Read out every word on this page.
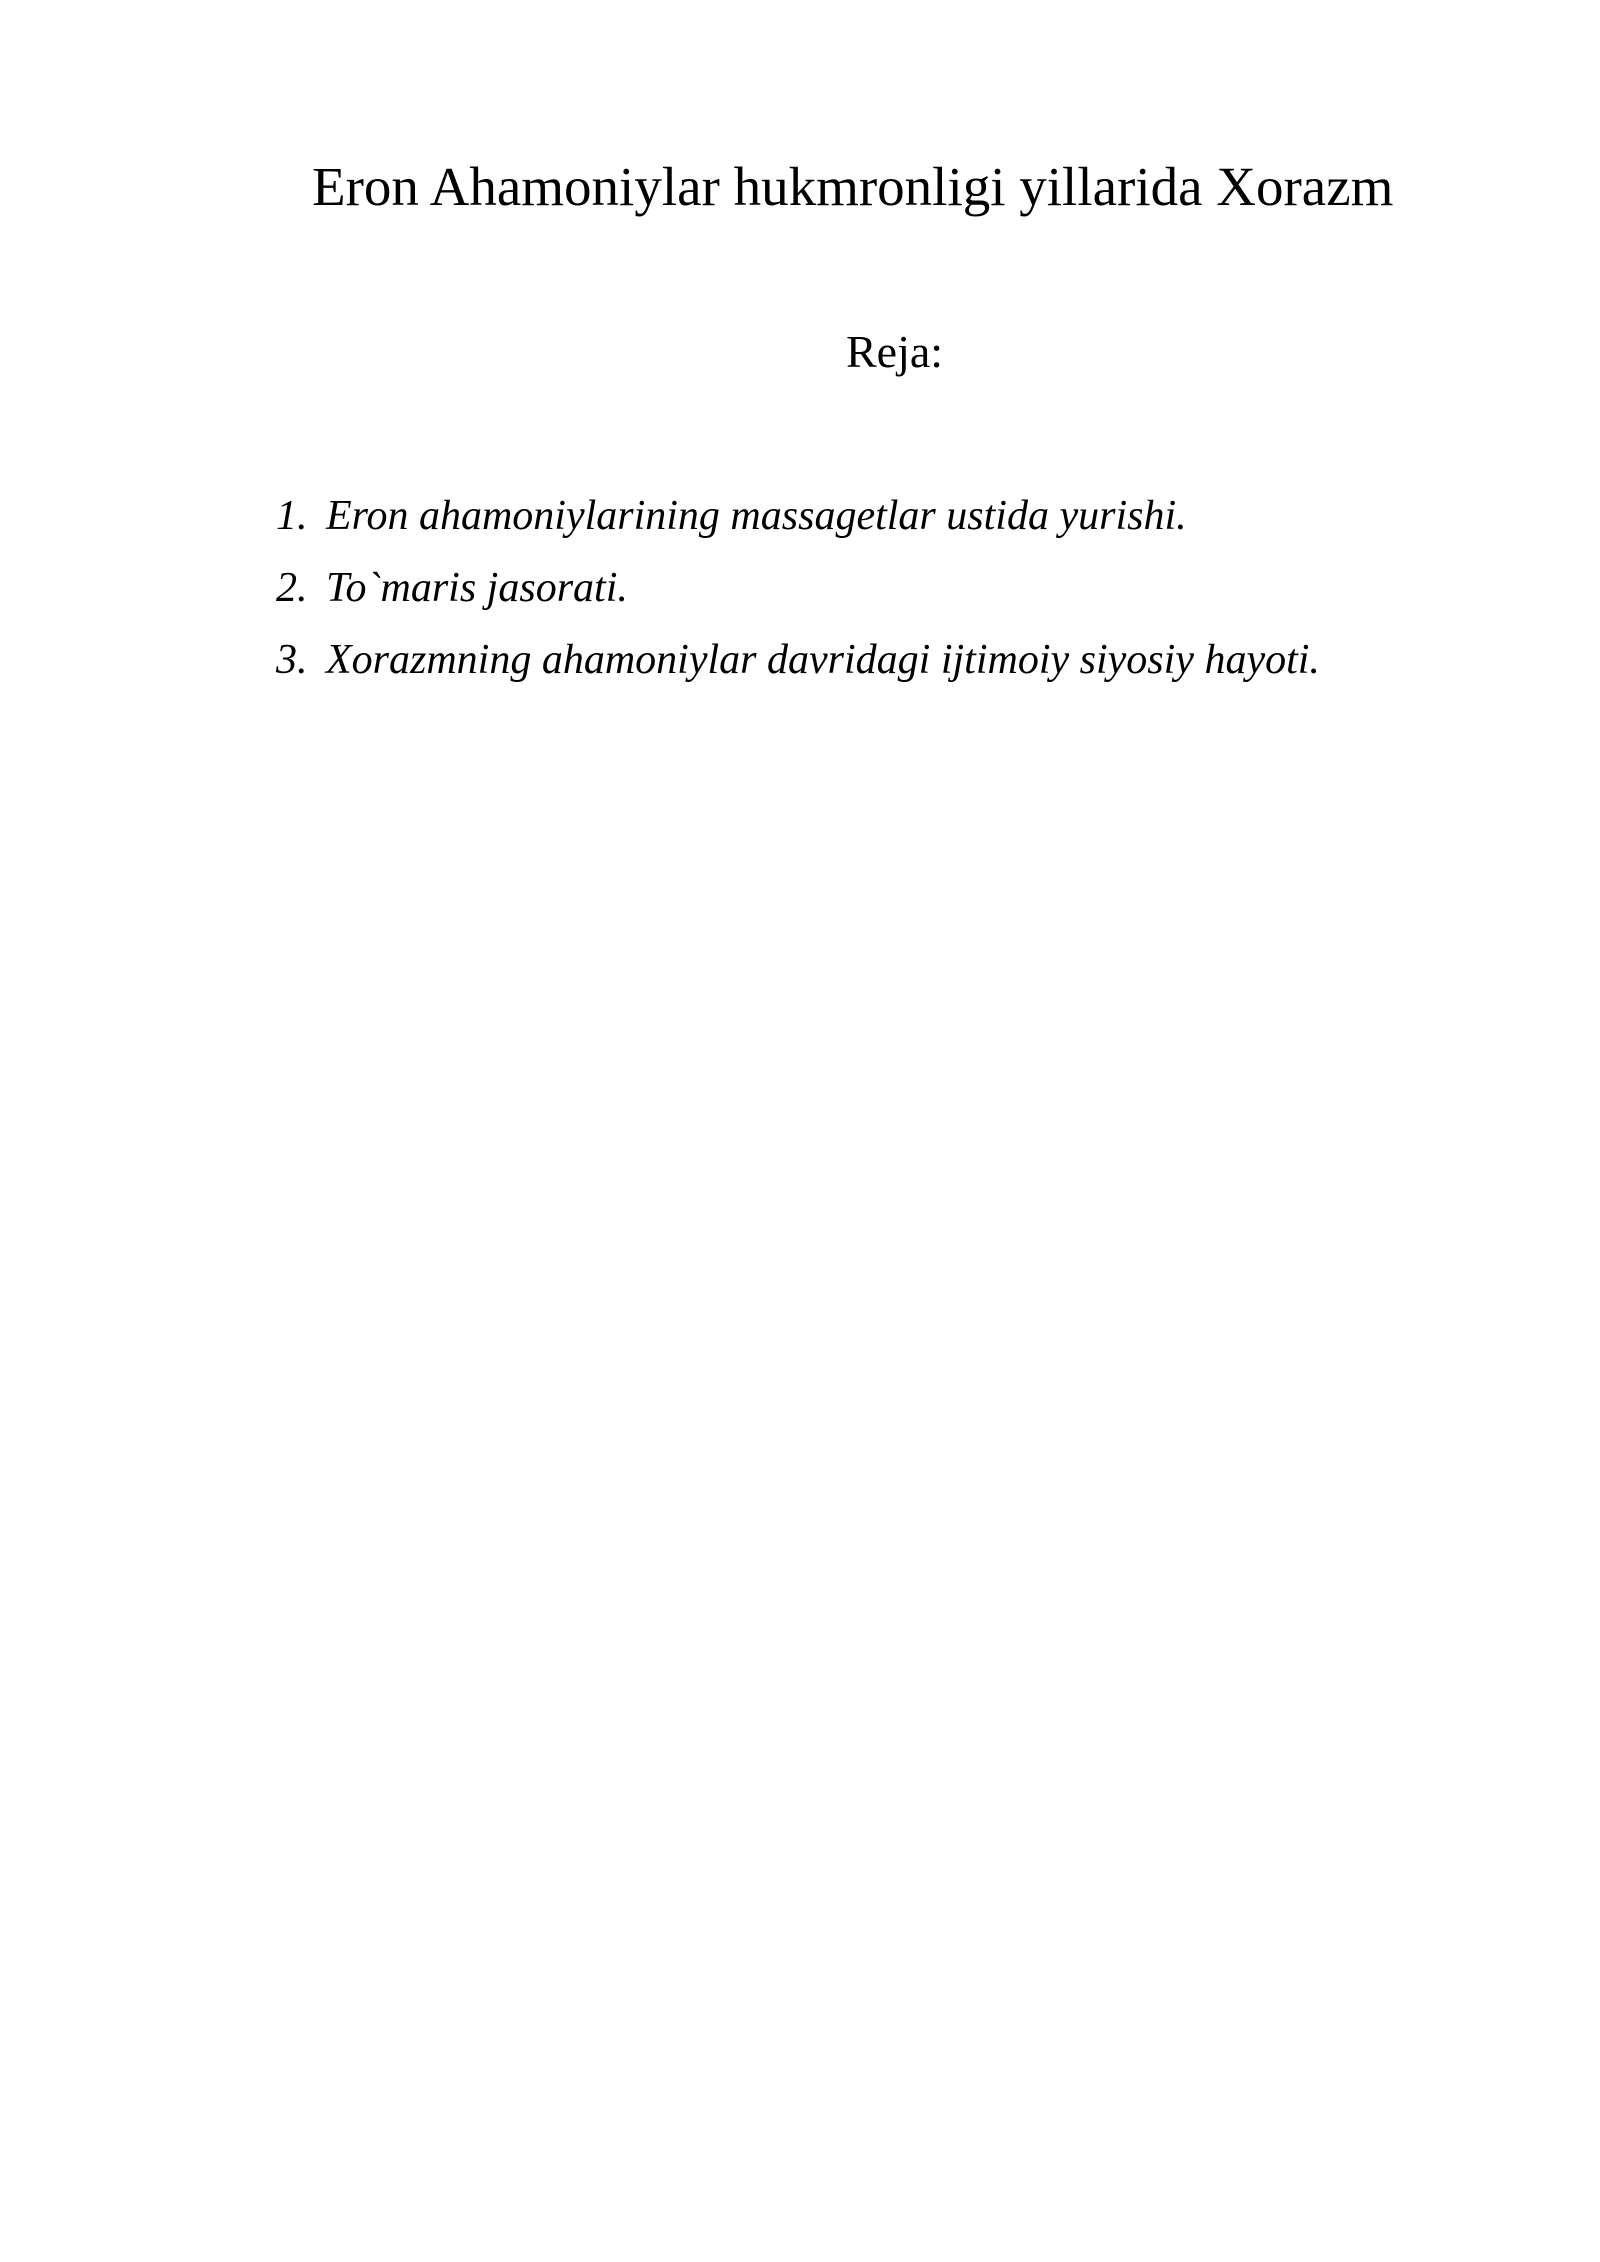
Eron Ahamoniylar hukmronligi yillarida Xorazm
Reja:
1. Eron ahamoniylarining massagetlar ustida yurishi.
2. To`maris jasorati.
3. Xorazmning ahamoniylar davridagi ijtimoiy siyosiy hayoti.
